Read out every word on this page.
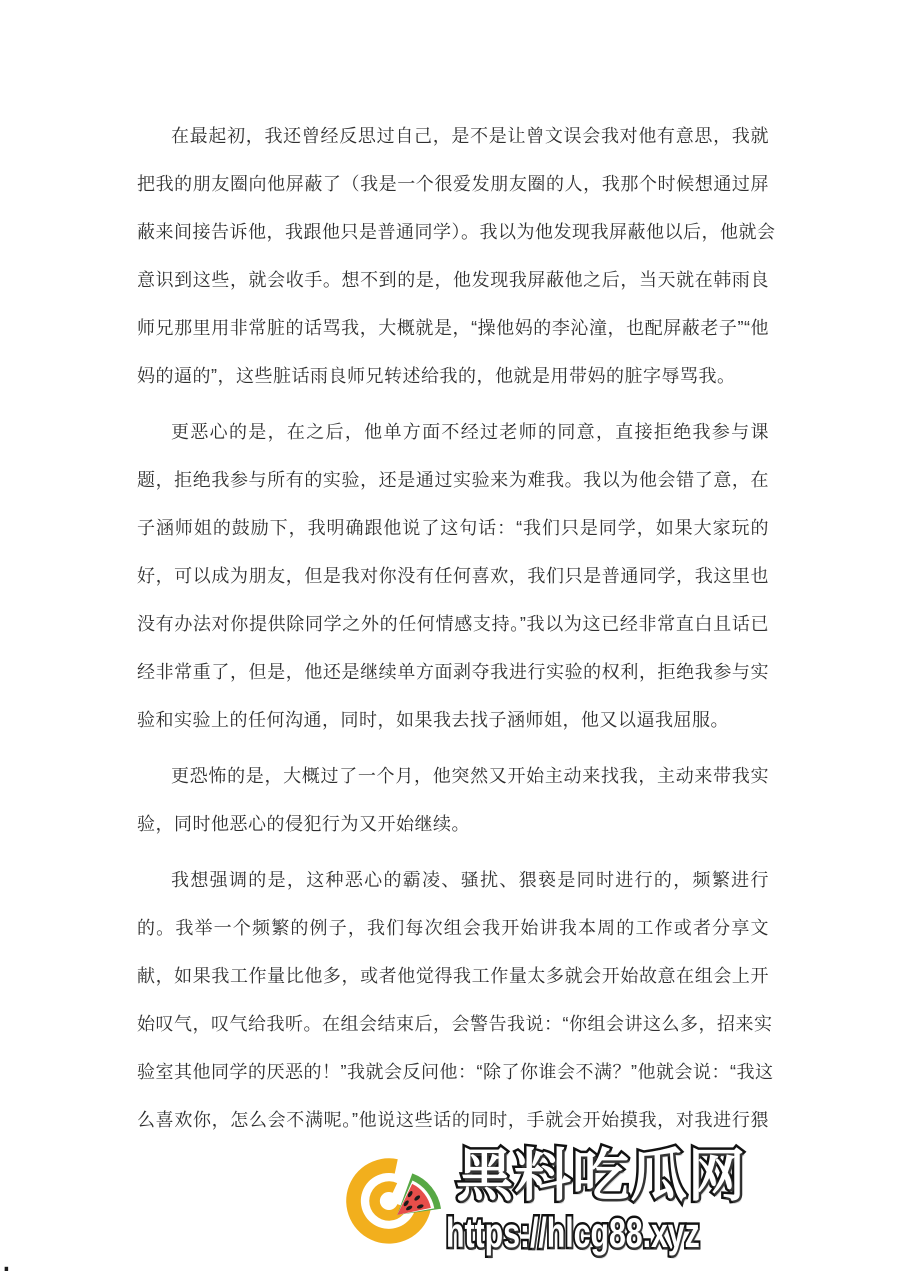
在最起初，我还曾经反思过自己，是不是让曾文误会我对他有意思，我就
把我的朋友圈向他屏蔽了（我是一个很爱发朋友圈的人，我那个时候想通过屏
蔽来间接告诉他，我跟他只是普通同学）。我以为他发现我屏蔽他以后，他就会
意识到这些，就会收手。想不到的是，他发现我屏蔽他之后，当天就在韩雨良
师兄那里用非常脏的话骂我，大概就是，“操他妈的李沁潼，也配屏蔽老子”“他
妈的逼的”，这些脏话雨良师兄转述给我的，他就是用带妈的脏字辱骂我。

更恶心的是，在之后，他单方面不经过老师的同意，直接拒绝我参与课
题，拒绝我参与所有的实验，还是通过实验来为难我。我以为他会错了意，在
子涵师姐的鼓励下，我明确跟他说了这句话：“我们只是同学，如果大家玩的
好，可以成为朋友，但是我对你没有任何喜欢，我们只是普通同学，我这里也
没有办法对你提供除同学之外的任何情感支持。”我以为这已经非常直白且话已
经非常重了，但是，他还是继续单方面剥夺我进行实验的权利，拒绝我参与实
验和实验上的任何沟通，同时，如果我去找子涵师姐，他又以逼我屈服。

更恐怖的是，大概过了一个月，他突然又开始主动来找我，主动来带我实
验，同时他恶心的侵犯行为又开始继续。

我想强调的是，这种恶心的霸凌、骚扰、猥亵是同时进行的，频繁进行
的。我举一个频繁的例子，我们每次组会我开始讲我本周的工作或者分享文
献，如果我工作量比他多，或者他觉得我工作量太多就会开始故意在组会上开
始叹气，叹气给我听。在组会结束后，会警告我说：“你组会讲这么多，招来实
验室其他同学的厌恶的！”我就会反问他：“除了你谁会不满？”他就会说：“我这
么喜欢你，怎么会不满呢。”他说这些话的同时，手就会开始摸我，对我进行猥

黑料吃瓜网
https://hlcg88.xyz
.
